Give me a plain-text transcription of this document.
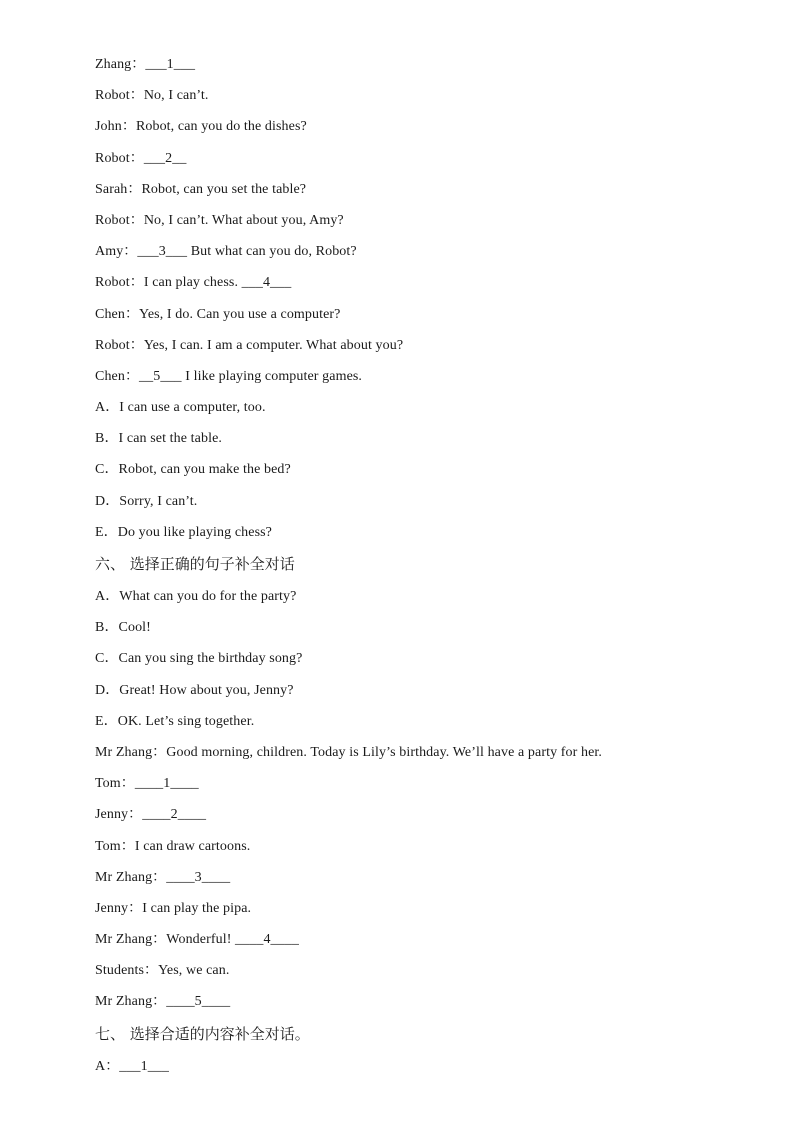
Zhang：___1___
Robot：No, I can’t.
John：Robot, can you do the dishes?
Robot：___2__
Sarah：Robot, can you set the table?
Robot：No, I can’t. What about you, Amy?
Amy：___3___ But what can you do, Robot?
Robot：I can play chess. ___4___
Chen：Yes, I do. Can you use a computer?
Robot：Yes, I can. I am a computer. What about you?
Chen：__5___ I like playing computer games.
A．I can use a computer, too.
B．I can set the table.
C．Robot, can you make the bed?
D．Sorry, I can’t.
E．Do you like playing chess?
六、 选择正确的句子补全对话
A．What can you do for the party?
B．Cool!
C．Can you sing the birthday song?
D．Great! How about you, Jenny?
E．OK. Let’s sing together.
Mr Zhang：Good morning, children. Today is Lily’s birthday. We’ll have a party for her.
Tom：____1____
Jenny：____2____
Tom：I can draw cartoons.
Mr Zhang：____3____
Jenny：I can play the pipa.
Mr Zhang：Wonderful! ____4____
Students：Yes, we can.
Mr Zhang：____5____
七、 选择合适的内容补全对话。
A：___1___
